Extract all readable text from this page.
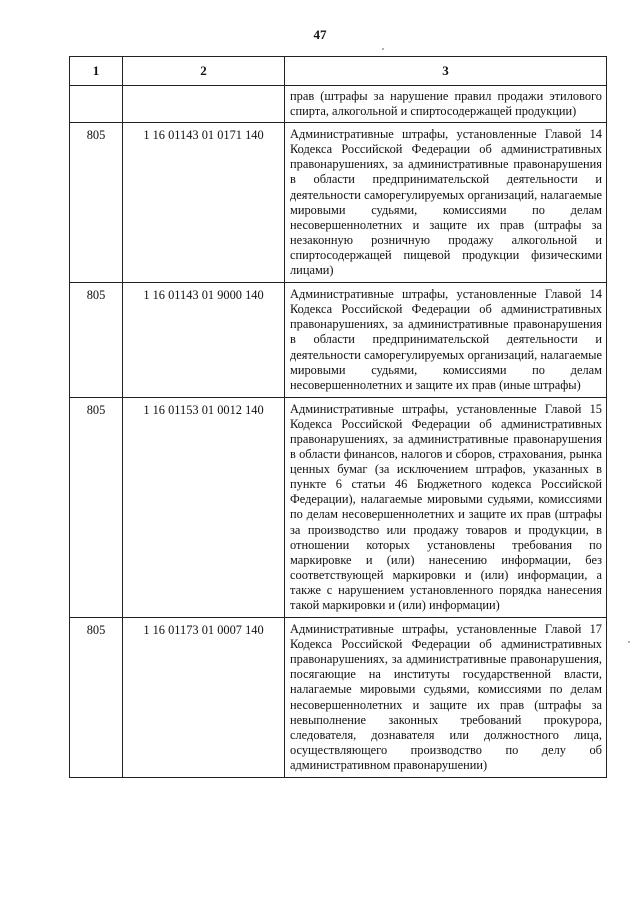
47
1	2	3
		прав (штрафы за нарушение правил продажи этилового спирта, алкогольной и спиртосодержащей продукции)
805	1 16 01143 01 0171 140	Административные штрафы, установленные Главой 14 Кодекса Российской Федерации об административных правонарушениях, за административные правонарушения в области предпринимательской деятельности и деятельности саморегулируемых организаций, налагаемые мировыми судьями, комиссиями по делам несовершеннолетних и защите их прав (штрафы за незаконную розничную продажу алкогольной и спиртосодержащей пищевой продукции физическими лицами)
805	1 16 01143 01 9000 140	Административные штрафы, установленные Главой 14 Кодекса Российской Федерации об административных правонарушениях, за административные правонарушения в области предпринимательской деятельности и деятельности саморегулируемых организаций, налагаемые мировыми судьями, комиссиями по делам несовершеннолетних и защите их прав (иные штрафы)
805	1 16 01153 01 0012 140	Административные штрафы, установленные Главой 15 Кодекса Российской Федерации об административных правонарушениях, за административные правонарушения в области финансов, налогов и сборов, страхования, рынка ценных бумаг (за исключением штрафов, указанных в пункте 6 статьи 46 Бюджетного кодекса Российской Федерации), налагаемые мировыми судьями, комиссиями по делам несовершеннолетних и защите их прав (штрафы за производство или продажу товаров и продукции, в отношении которых установлены требования по маркировке и (или) нанесению информации, без соответствующей маркировки и (или) информации, а также с нарушением установленного порядка нанесения такой маркировки и (или) информации)
805	1 16 01173 01 0007 140	Административные штрафы, установленные Главой 17 Кодекса Российской Федерации об административных правонарушениях, за административные правонарушения, посягающие на институты государственной власти, налагаемые мировыми судьями, комиссиями по делам несовершеннолетних и защите их прав (штрафы за невыполнение законных требований прокурора, следователя, дознавателя или должностного лица, осуществляющего производство по делу об административном правонарушении)
